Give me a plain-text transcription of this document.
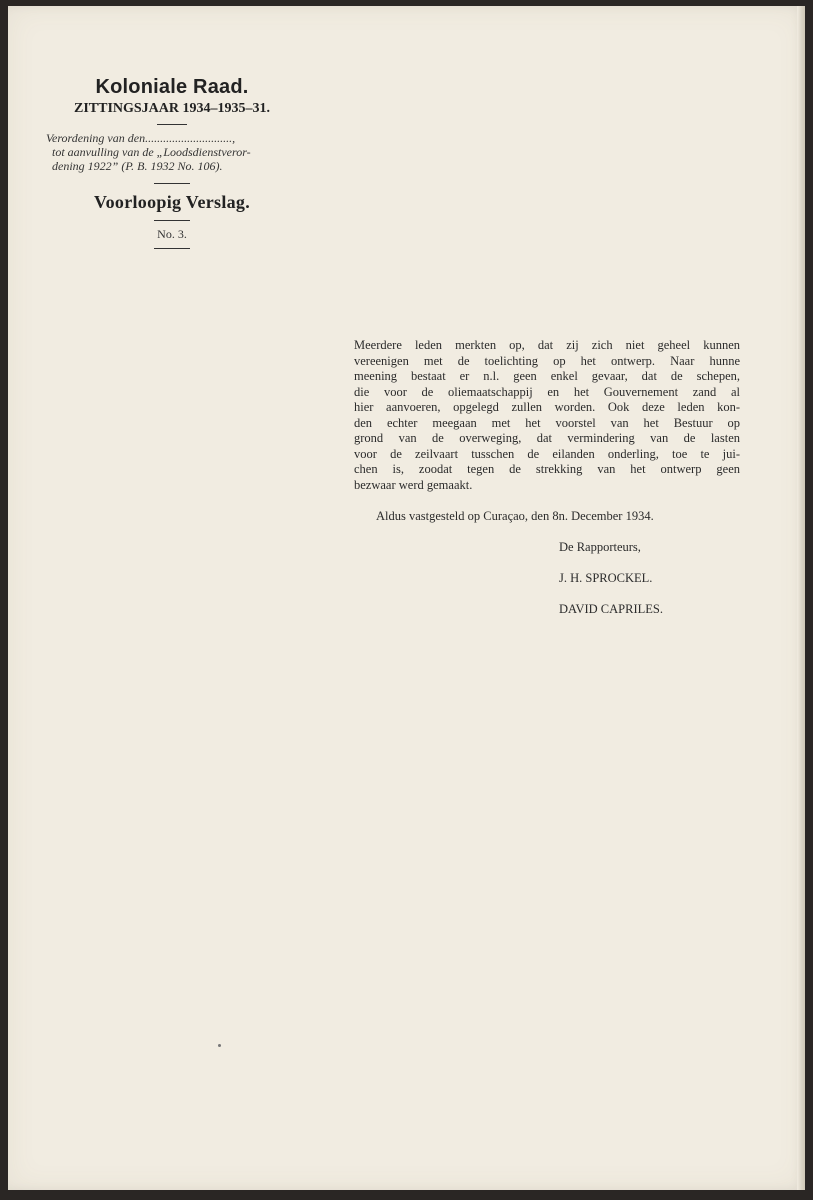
Koloniale Raad.

ZITTINGSJAAR 1934–1935–31.

Verordening van den.............................,

tot aanvulling van de „Loodsdienstveror-

dening 1922” (P. B. 1932 No. 106).

Voorloopig Verslag.

No. 3.

Meerdere leden merkten op, dat zij zich niet geheel kunnen
vereenigen met de toelichting op het ontwerp. Naar hunne
meening bestaat er n.l. geen enkel gevaar, dat de schepen,
die voor de oliemaatschappij en het Gouvernement zand al
hier aanvoeren, opgelegd zullen worden. Ook deze leden kon-
den echter meegaan met het voorstel van het Bestuur op
grond van de overweging, dat vermindering van de lasten
voor de zeilvaart tusschen de eilanden onderling, toe te jui-
chen is, zoodat tegen de strekking van het ontwerp geen
bezwaar werd gemaakt.

Aldus vastgesteld op Curaçao, den 8n. December 1934.

De Rapporteurs,

J. H. SPROCKEL.

DAVID CAPRILES.
